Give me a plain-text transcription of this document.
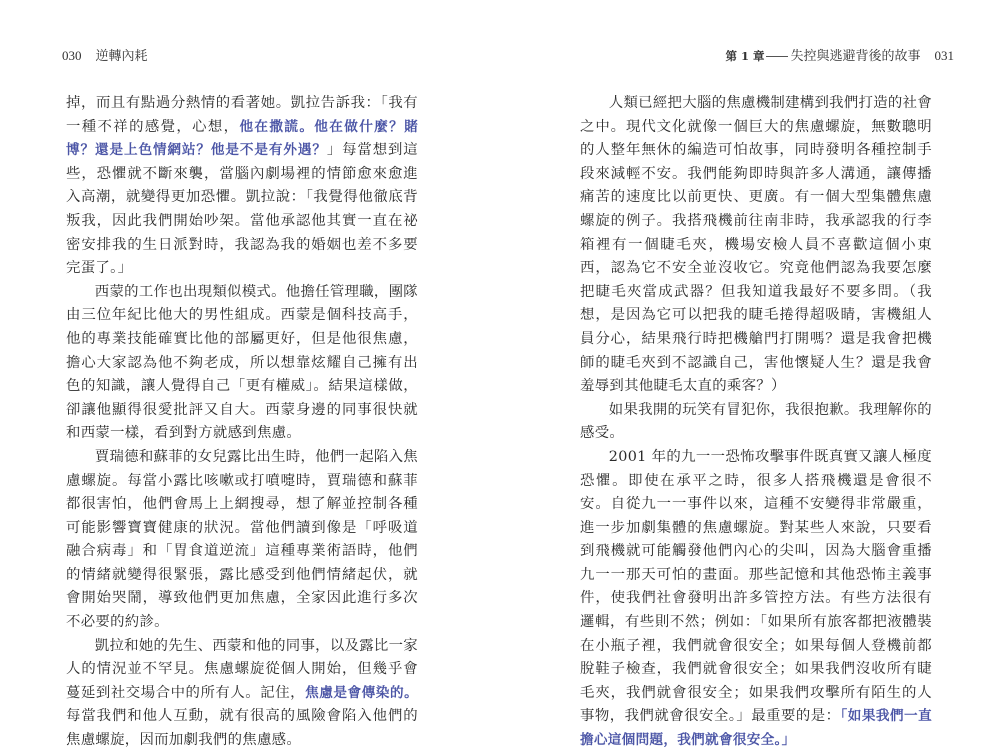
030 逆轉內耗

掉，而且有點過分熱情的看著她。凱拉告訴我：「我有一種不祥的感覺，心想，他在撒謊。他在做什麼？賭博？還是上色情網站？他是不是有外遇？」每當想到這些，恐懼就不斷來襲，當腦內劇場裡的情節愈來愈進入高潮，就變得更加恐懼。凱拉說：「我覺得他徹底背叛我，因此我們開始吵架。當他承認他其實一直在祕密安排我的生日派對時，我認為我的婚姻也差不多要完蛋了。」

西蒙的工作也出現類似模式。他擔任管理職，團隊由三位年紀比他大的男性組成。西蒙是個科技高手，他的專業技能確實比他的部屬更好，但是他很焦慮，擔心大家認為他不夠老成，所以想靠炫耀自己擁有出色的知識，讓人覺得自己「更有權威」。結果這樣做，卻讓他顯得很愛批評又自大。西蒙身邊的同事很快就和西蒙一樣，看到對方就感到焦慮。

賈瑞德和蘇菲的女兒露比出生時，他們一起陷入焦慮螺旋。每當小露比咳嗽或打噴嚏時，賈瑞德和蘇菲都很害怕，他們會馬上上網搜尋，想了解並控制各種可能影響寶寶健康的狀況。當他們讀到像是「呼吸道融合病毒」和「胃食道逆流」這種專業術語時，他們的情緒就變得很緊張，露比感受到他們情緒起伏，就會開始哭鬧，導致他們更加焦慮，全家因此進行多次不必要的約診。

凱拉和她的先生、西蒙和他的同事，以及露比一家人的情況並不罕見。焦慮螺旋從個人開始，但幾乎會蔓延到社交場合中的所有人。記住，焦慮是會傳染的。每當我們和他人互動，就有很高的風險會陷入他們的焦慮螺旋，因而加劇我們的焦慮感。

第 1 章 失控與逃避背後的故事 031

人類已經把大腦的焦慮機制建構到我們打造的社會之中。現代文化就像一個巨大的焦慮螺旋，無數聰明的人整年無休的編造可怕故事，同時發明各種控制手段來減輕不安。我們能夠即時與許多人溝通，讓傳播痛苦的速度比以前更快、更廣。有一個大型集體焦慮螺旋的例子。我搭飛機前往南非時，我承認我的行李箱裡有一個睫毛夾，機場安檢人員不喜歡這個小東西，認為它不安全並沒收它。究竟他們認為我要怎麼把睫毛夾當成武器？但我知道我最好不要多問。（我想，是因為它可以把我的睫毛捲得超吸睛，害機組人員分心，結果飛行時把機艙門打開嗎？還是我會把機師的睫毛夾到不認識自己，害他懷疑人生？還是我會羞辱到其他睫毛太直的乘客？）

如果我開的玩笑有冒犯你，我很抱歉。我理解你的感受。

2001 年的九一一恐怖攻擊事件既真實又讓人極度恐懼。即使在承平之時，很多人搭飛機還是會很不安。自從九一一事件以來，這種不安變得非常嚴重，進一步加劇集體的焦慮螺旋。對某些人來說，只要看到飛機就可能觸發他們內心的尖叫，因為大腦會重播九一一那天可怕的畫面。那些記憶和其他恐怖主義事件，使我們社會發明出許多管控方法。有些方法很有邏輯，有些則不然；例如：「如果所有旅客都把液體裝在小瓶子裡，我們就會很安全；如果每個人登機前都脫鞋子檢查，我們就會很安全；如果我們沒收所有睫毛夾，我們就會很安全；如果我們攻擊所有陌生的人事物，我們就會很安全。」最重要的是：「如果我們一直擔心這個問題，我們就會很安全。」
